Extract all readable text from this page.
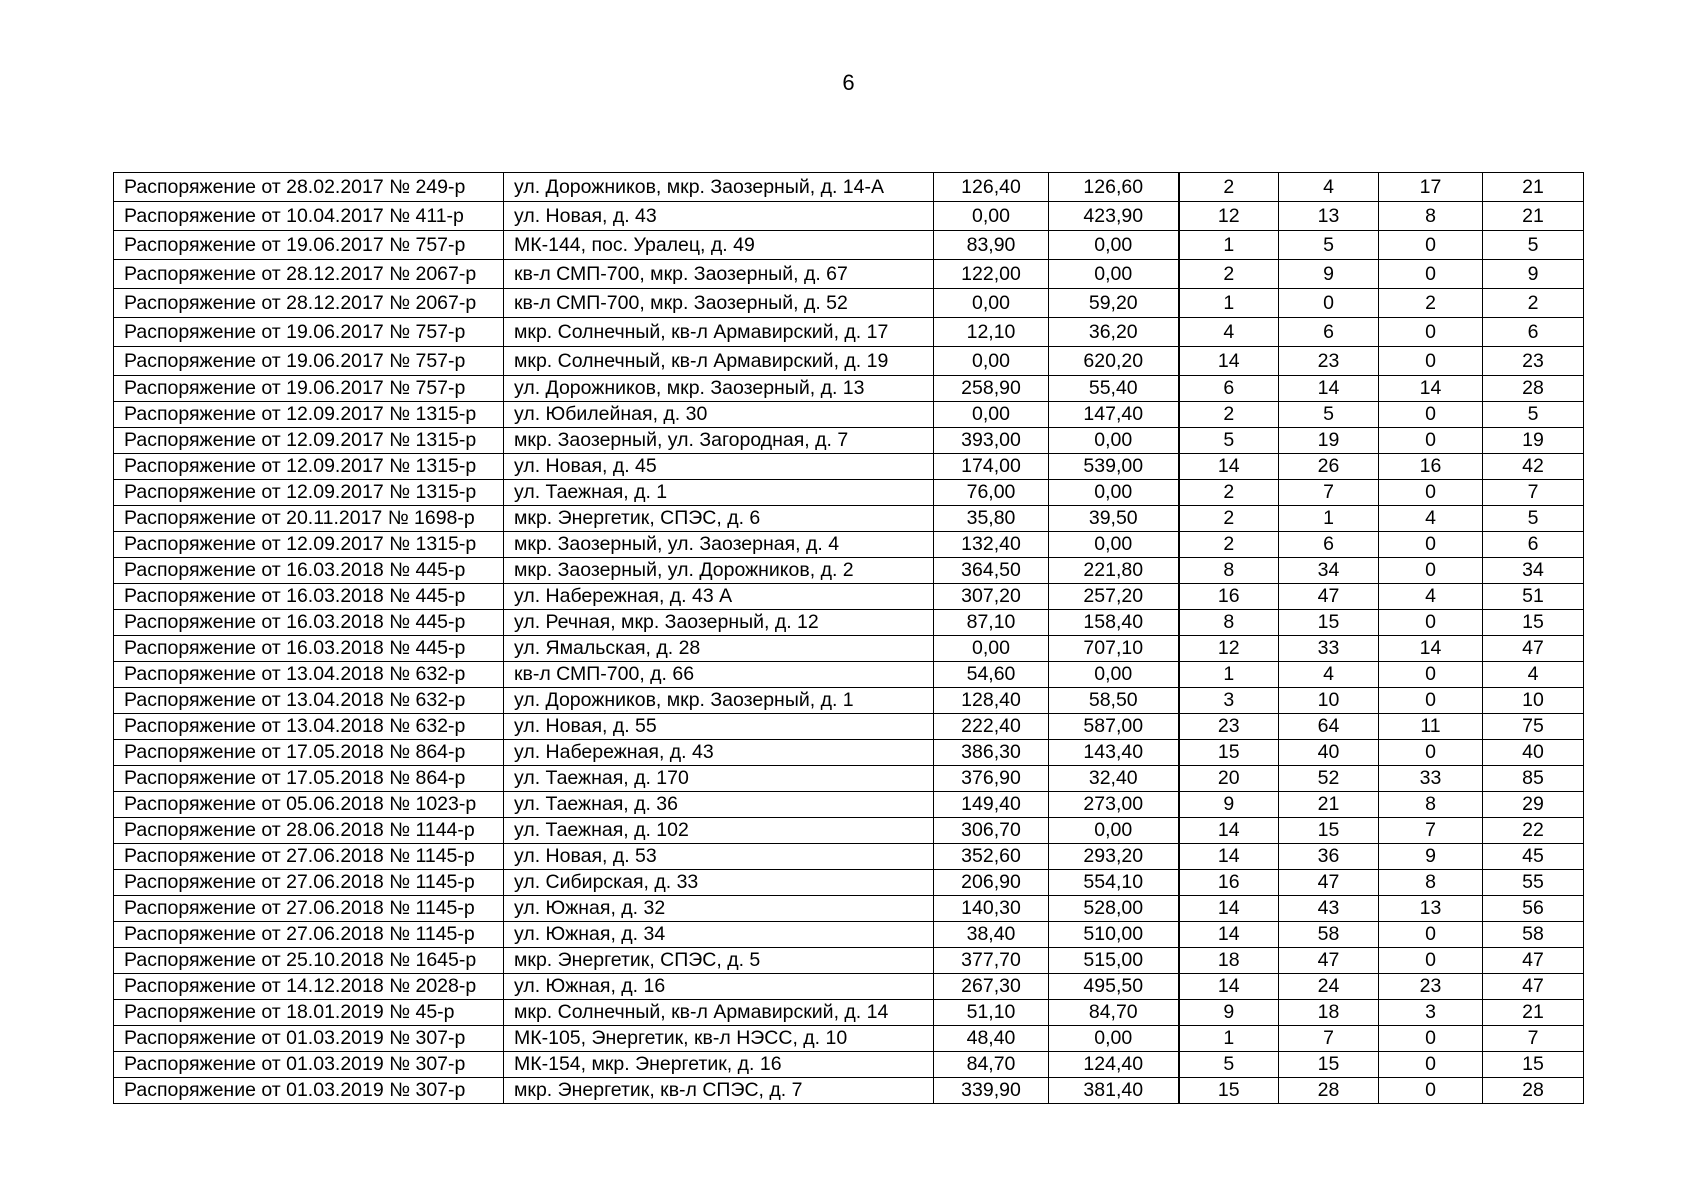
6
Распоряжение от 28.02.2017 № 249-р	ул. Дорожников, мкр. Заозерный, д. 14-А	126,40	126,60	2	4	17	21
Распоряжение от 10.04.2017 № 411-р	ул. Новая, д. 43	0,00	423,90	12	13	8	21
Распоряжение от 19.06.2017 № 757-р	МК-144, пос. Уралец, д. 49	83,90	0,00	1	5	0	5
Распоряжение от 28.12.2017 № 2067-р	кв-л СМП-700, мкр. Заозерный, д. 67	122,00	0,00	2	9	0	9
Распоряжение от 28.12.2017 № 2067-р	кв-л СМП-700, мкр. Заозерный, д. 52	0,00	59,20	1	0	2	2
Распоряжение от 19.06.2017 № 757-р	мкр. Солнечный, кв-л Армавирский, д. 17	12,10	36,20	4	6	0	6
Распоряжение от 19.06.2017 № 757-р	мкр. Солнечный, кв-л Армавирский, д. 19	0,00	620,20	14	23	0	23
Распоряжение от 19.06.2017 № 757-р	ул. Дорожников, мкр. Заозерный, д. 13	258,90	55,40	6	14	14	28
Распоряжение от 12.09.2017 № 1315-р	ул. Юбилейная, д. 30	0,00	147,40	2	5	0	5
Распоряжение от 12.09.2017 № 1315-р	мкр. Заозерный, ул. Загородная, д. 7	393,00	0,00	5	19	0	19
Распоряжение от 12.09.2017 № 1315-р	ул. Новая, д. 45	174,00	539,00	14	26	16	42
Распоряжение от 12.09.2017 № 1315-р	ул. Таежная, д. 1	76,00	0,00	2	7	0	7
Распоряжение от 20.11.2017 № 1698-р	мкр. Энергетик, СПЭС, д. 6	35,80	39,50	2	1	4	5
Распоряжение от 12.09.2017 № 1315-р	мкр. Заозерный, ул. Заозерная, д. 4	132,40	0,00	2	6	0	6
Распоряжение от 16.03.2018 № 445-р	мкр. Заозерный, ул. Дорожников, д. 2	364,50	221,80	8	34	0	34
Распоряжение от 16.03.2018 № 445-р	ул. Набережная, д. 43 А	307,20	257,20	16	47	4	51
Распоряжение от 16.03.2018 № 445-р	ул. Речная, мкр. Заозерный, д. 12	87,10	158,40	8	15	0	15
Распоряжение от 16.03.2018 № 445-р	ул. Ямальская, д. 28	0,00	707,10	12	33	14	47
Распоряжение от 13.04.2018 № 632-р	кв-л СМП-700, д. 66	54,60	0,00	1	4	0	4
Распоряжение от 13.04.2018 № 632-р	ул. Дорожников, мкр. Заозерный, д. 1	128,40	58,50	3	10	0	10
Распоряжение от 13.04.2018 № 632-р	ул. Новая, д. 55	222,40	587,00	23	64	11	75
Распоряжение от 17.05.2018 № 864-р	ул. Набережная, д. 43	386,30	143,40	15	40	0	40
Распоряжение от 17.05.2018 № 864-р	ул. Таежная, д. 170	376,90	32,40	20	52	33	85
Распоряжение от 05.06.2018 № 1023-р	ул. Таежная, д. 36	149,40	273,00	9	21	8	29
Распоряжение от 28.06.2018 № 1144-р	ул. Таежная, д. 102	306,70	0,00	14	15	7	22
Распоряжение от 27.06.2018 № 1145-р	ул. Новая, д. 53	352,60	293,20	14	36	9	45
Распоряжение от 27.06.2018 № 1145-р	ул. Сибирская, д. 33	206,90	554,10	16	47	8	55
Распоряжение от 27.06.2018 № 1145-р	ул. Южная, д. 32	140,30	528,00	14	43	13	56
Распоряжение от 27.06.2018 № 1145-р	ул. Южная, д. 34	38,40	510,00	14	58	0	58
Распоряжение от 25.10.2018 № 1645-р	мкр. Энергетик, СПЭС, д. 5	377,70	515,00	18	47	0	47
Распоряжение от 14.12.2018 № 2028-р	ул. Южная, д. 16	267,30	495,50	14	24	23	47
Распоряжение от 18.01.2019 № 45-р	мкр. Солнечный, кв-л Армавирский, д. 14	51,10	84,70	9	18	3	21
Распоряжение от 01.03.2019 № 307-р	МК-105, Энергетик, кв-л НЭСС, д. 10	48,40	0,00	1	7	0	7
Распоряжение от 01.03.2019 № 307-р	МК-154, мкр. Энергетик, д. 16	84,70	124,40	5	15	0	15
Распоряжение от 01.03.2019 № 307-р	мкр. Энергетик, кв-л СПЭС, д. 7	339,90	381,40	15	28	0	28
